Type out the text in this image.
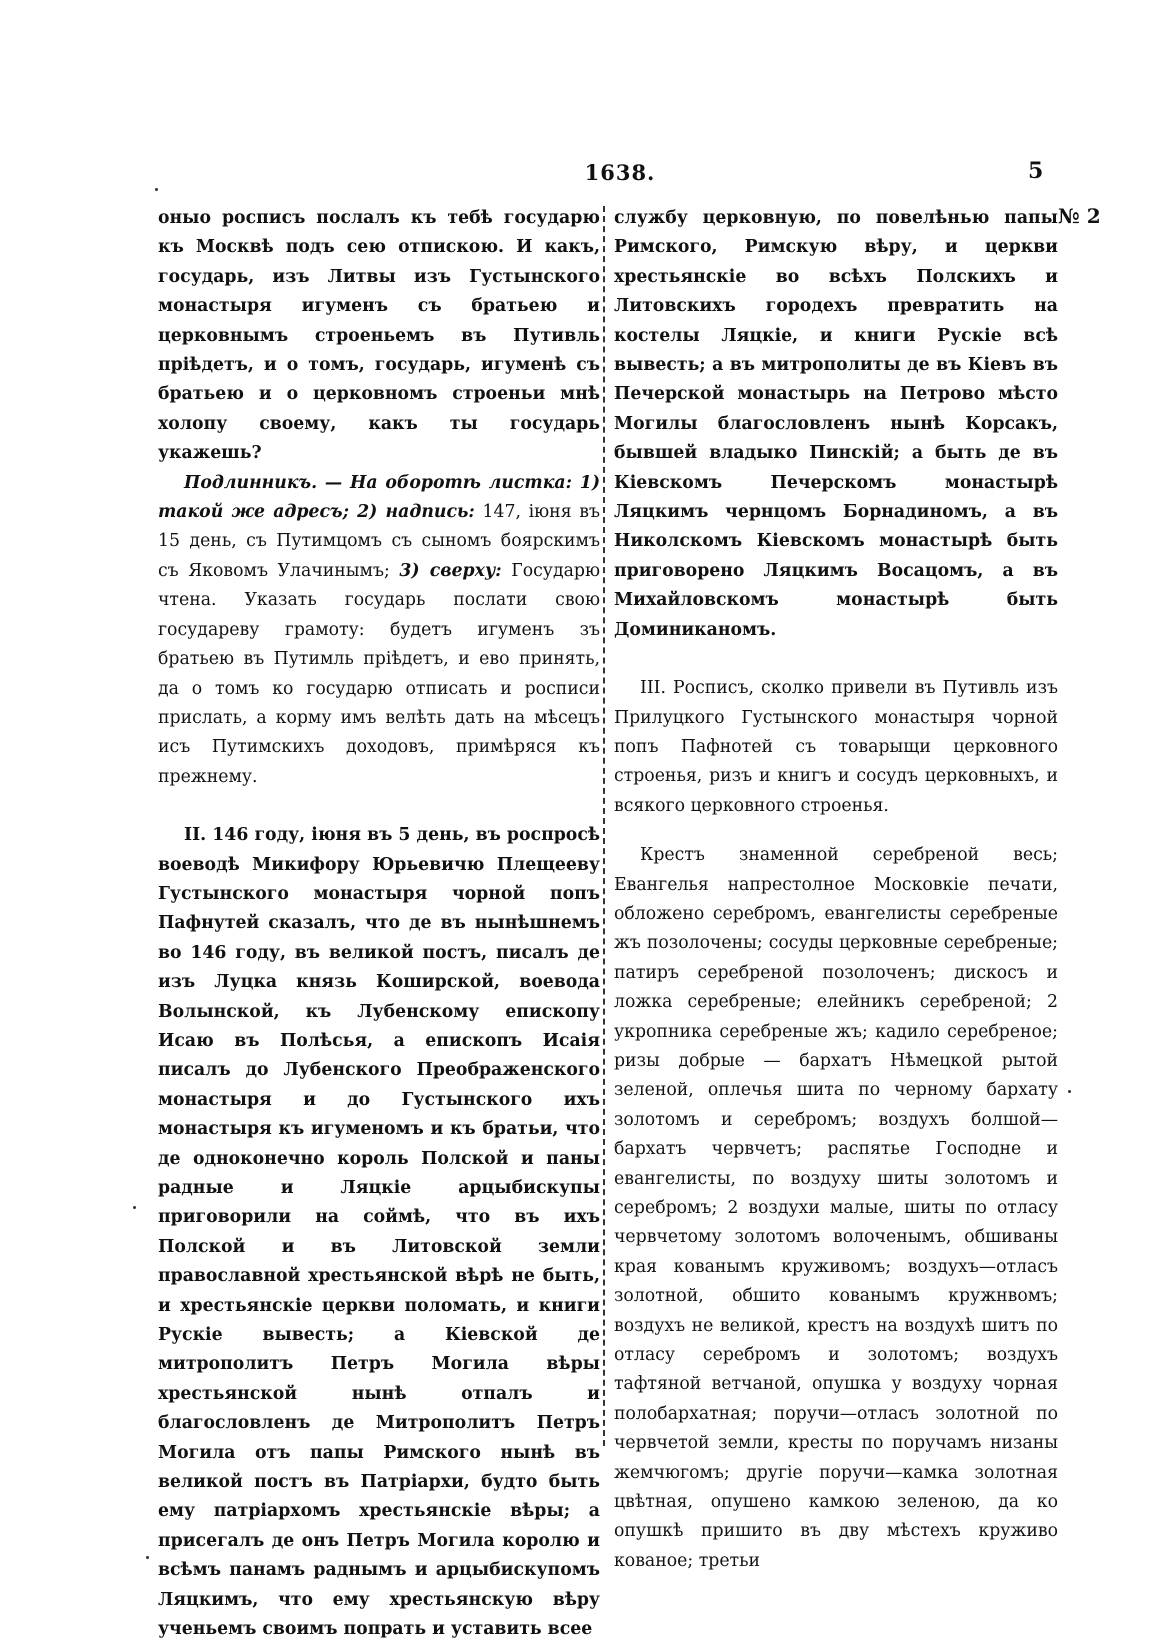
1638.	5
№ 2

оныо росписъ послалъ къ тебѣ государю къ Москвѣ подъ сею отпискою. И какъ, государь, изъ Литвы изъ Густынского монастыря игуменъ съ братьею и церковнымъ строеньемъ въ Путивль пріѣдетъ, и о томъ, государь, игуменѣ съ братьею и о церковномъ строеньи мнѣ холопу своему, какъ ты государь укажешь?

Подлинникъ. — На оборотѣ листка: 1) такой же адресъ; 2) надпись: 147, іюня въ 15 день, съ Путимцомъ съ сыномъ боярскимъ съ Яковомъ Улачинымъ; 3) сверху: Государю чтена. Указать государь послати свою государеву грамоту: будетъ игуменъ зъ братьею въ Путимль пріѣдетъ, и ево принять, да о томъ ко государю отписать и росписи прислать, а корму имъ велѣть дать на мѣсецъ исъ Путимскихъ доходовъ, примѣряся къ прежнему.

II. 146 году, іюня въ 5 день, въ роспросѣ воеводѣ Микифору Юрьевичю Плещееву Густынского монастыря чорной попъ Пафнутей сказалъ, что де въ нынѣшнемъ во 146 году, въ великой постъ, писалъ де изъ Луцка князь Коширской, воевода Волынской, къ Лубенскому епископу Исаю въ Полѣсья, а епископъ Исаія писалъ до Лубенского Преображенского монастыря и до Густынского ихъ монастыря къ игуменомъ и къ братьи, что де одноконечно король Полской и паны радные и Ляцкіе арцыбискупы приговорили на соймѣ, что въ ихъ Полской и въ Литовской земли православной хрестьянской вѣрѣ не быть, и хрестьянскіе церкви поломать, и книги Рускіе вывесть; а Кіевской де митрополитъ Петръ Могила вѣры хрестьянской нынѣ отпалъ и благословленъ де Митрополитъ Петръ Могила отъ папы Римского нынѣ въ великой постъ въ Патріархи, будто быть ему патріархомъ хрестьянскіе вѣры; а присегалъ де онъ Петръ Могила королю и всѣмъ панамъ раднымъ и арцыбискупомъ Ляцкимъ, что ему хрестьянскую вѣру ученьемъ своимъ попрать и уставить всее

службу церковную, по повелѣнью папы Римского, Римскую вѣру, и церкви хрестьянскіе во всѣхъ Полскихъ и Литовскихъ городехъ превратить на костелы Ляцкіе, и книги Рускіе всѣ вывесть; а въ митрополиты де въ Кіевъ въ Печерской монастырь на Петрово мѣсто Могилы благословленъ нынѣ Корсакъ, бывшей владыко Пинскій; а быть де въ Кіевскомъ Печерскомъ монастырѣ Ляцкимъ чернцомъ Борнадиномъ, а въ Николскомъ Кіевскомъ монастырѣ быть приговорено Ляцкимъ Восацомъ, а въ Михайловскомъ монастырѣ быть Доминиканомъ.

III. Росписъ, сколко привели въ Путивль изъ Прилуцкого Густынского монастыря чорной попъ Пафнотей съ товарыщи церковного строенья, ризъ и книгъ и сосудъ церковныхъ, и всякого церковного строенья.

Крестъ знаменной серебреной весь; Евангелья напрестолное Московкіе печати, обложено серебромъ, евангелисты серебреные жъ позолочены; сосуды церковные серебреные; патиръ серебреной позолоченъ; дискосъ и ложка серебреные; елейникъ серебреной; 2 укропника серебреные жъ; кадило серебреное; ризы добрые — бархатъ Нѣмецкой рытой зеленой, оплечья шита по черному бархату золотомъ и серебромъ; воздухъ болшой—бархатъ червчетъ; распятье Господне и евангелисты, по воздуху шиты золотомъ и серебромъ; 2 воздухи малые, шиты по отласу червчетому золотомъ волоченымъ, обшиваны края кованымъ круживомъ; воздухъ—отласъ золотной, обшито кованымъ кружнвомъ; воздухъ не великой, крестъ на воздухѣ шитъ по отласу серебромъ и золотомъ; воздухъ тафтяной ветчаной, опушка у воздуху чорная полобархатная; поручи—отласъ золотной по червчетой земли, кресты по поручамъ низаны жемчюгомъ; другіе поручи—камка золотная цвѣтная, опушено камкою зеленою, да ко опушкѣ пришито въ дву мѣстехъ круживо кованое; третьи
